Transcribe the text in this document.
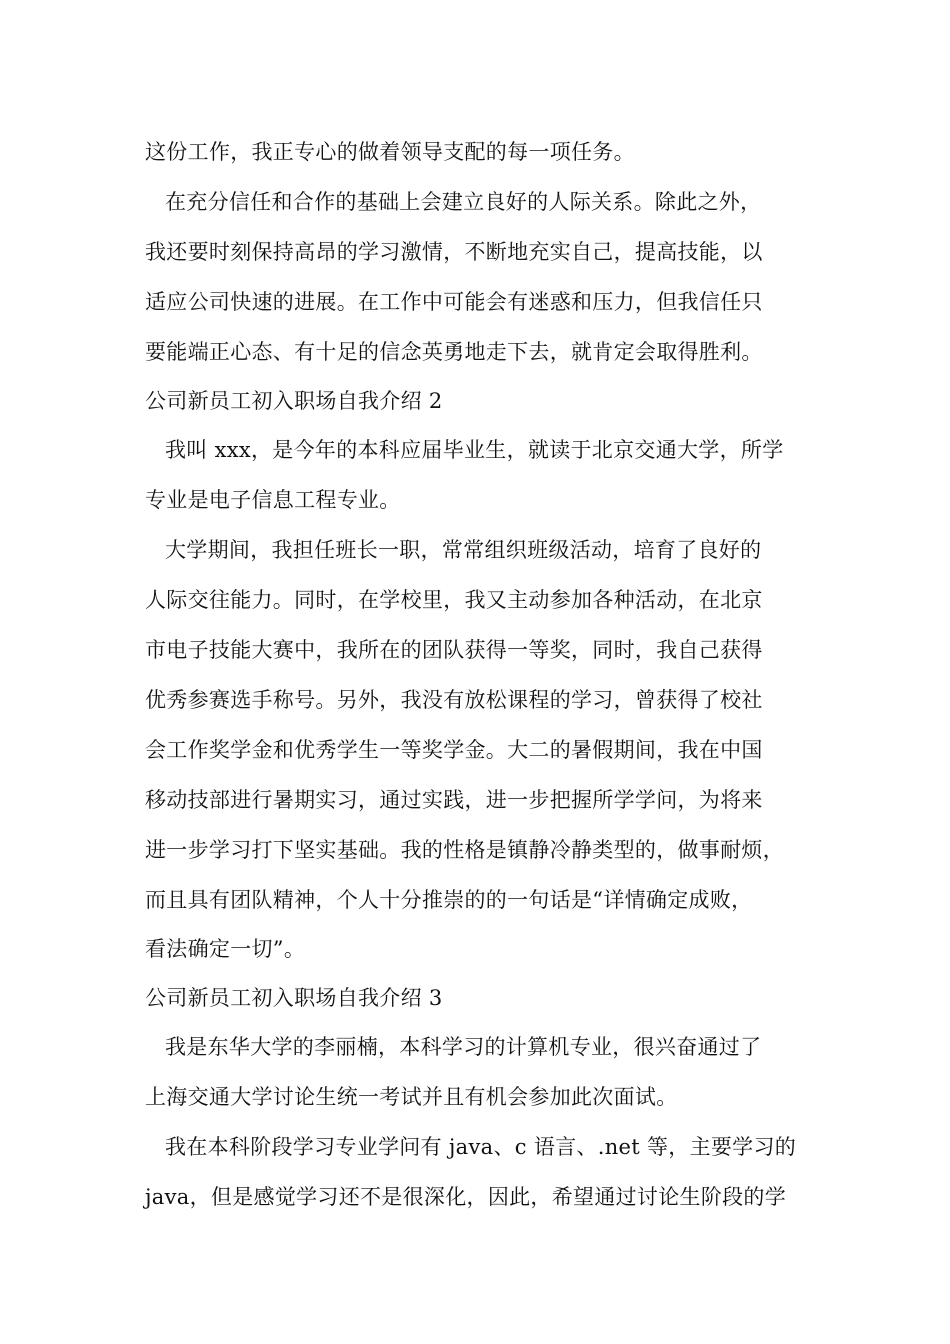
这份工作，我正专心的做着领导支配的每一项任务。
在充分信任和合作的基础上会建立良好的人际关系。除此之外，
我还要时刻保持高昂的学习激情，不断地充实自己，提高技能，以
适应公司快速的进展。在工作中可能会有迷惑和压力，但我信任只
要能端正心态、有十足的信念英勇地走下去，就肯定会取得胜利。
公司新员工初入职场自我介绍 2
我叫 xxx，是今年的本科应届毕业生，就读于北京交通大学，所学
专业是电子信息工程专业。
大学期间，我担任班长一职，常常组织班级活动，培育了良好的
人际交往能力。同时，在学校里，我又主动参加各种活动，在北京
市电子技能大赛中，我所在的团队获得一等奖，同时，我自己获得
优秀参赛选手称号。另外，我没有放松课程的学习，曾获得了校社
会工作奖学金和优秀学生一等奖学金。大二的暑假期间，我在中国
移动技部进行暑期实习，通过实践，进一步把握所学学问，为将来
进一步学习打下坚实基础。我的性格是镇静冷静类型的，做事耐烦，
而且具有团队精神，个人十分推崇的的一句话是“详情确定成败，
看法确定一切”。
公司新员工初入职场自我介绍 3
我是东华大学的李丽楠，本科学习的计算机专业，很兴奋通过了
上海交通大学讨论生统一考试并且有机会参加此次面试。
我在本科阶段学习专业学问有 java、c 语言、.net 等，主要学习的
java，但是感觉学习还不是很深化，因此，希望通过讨论生阶段的学
